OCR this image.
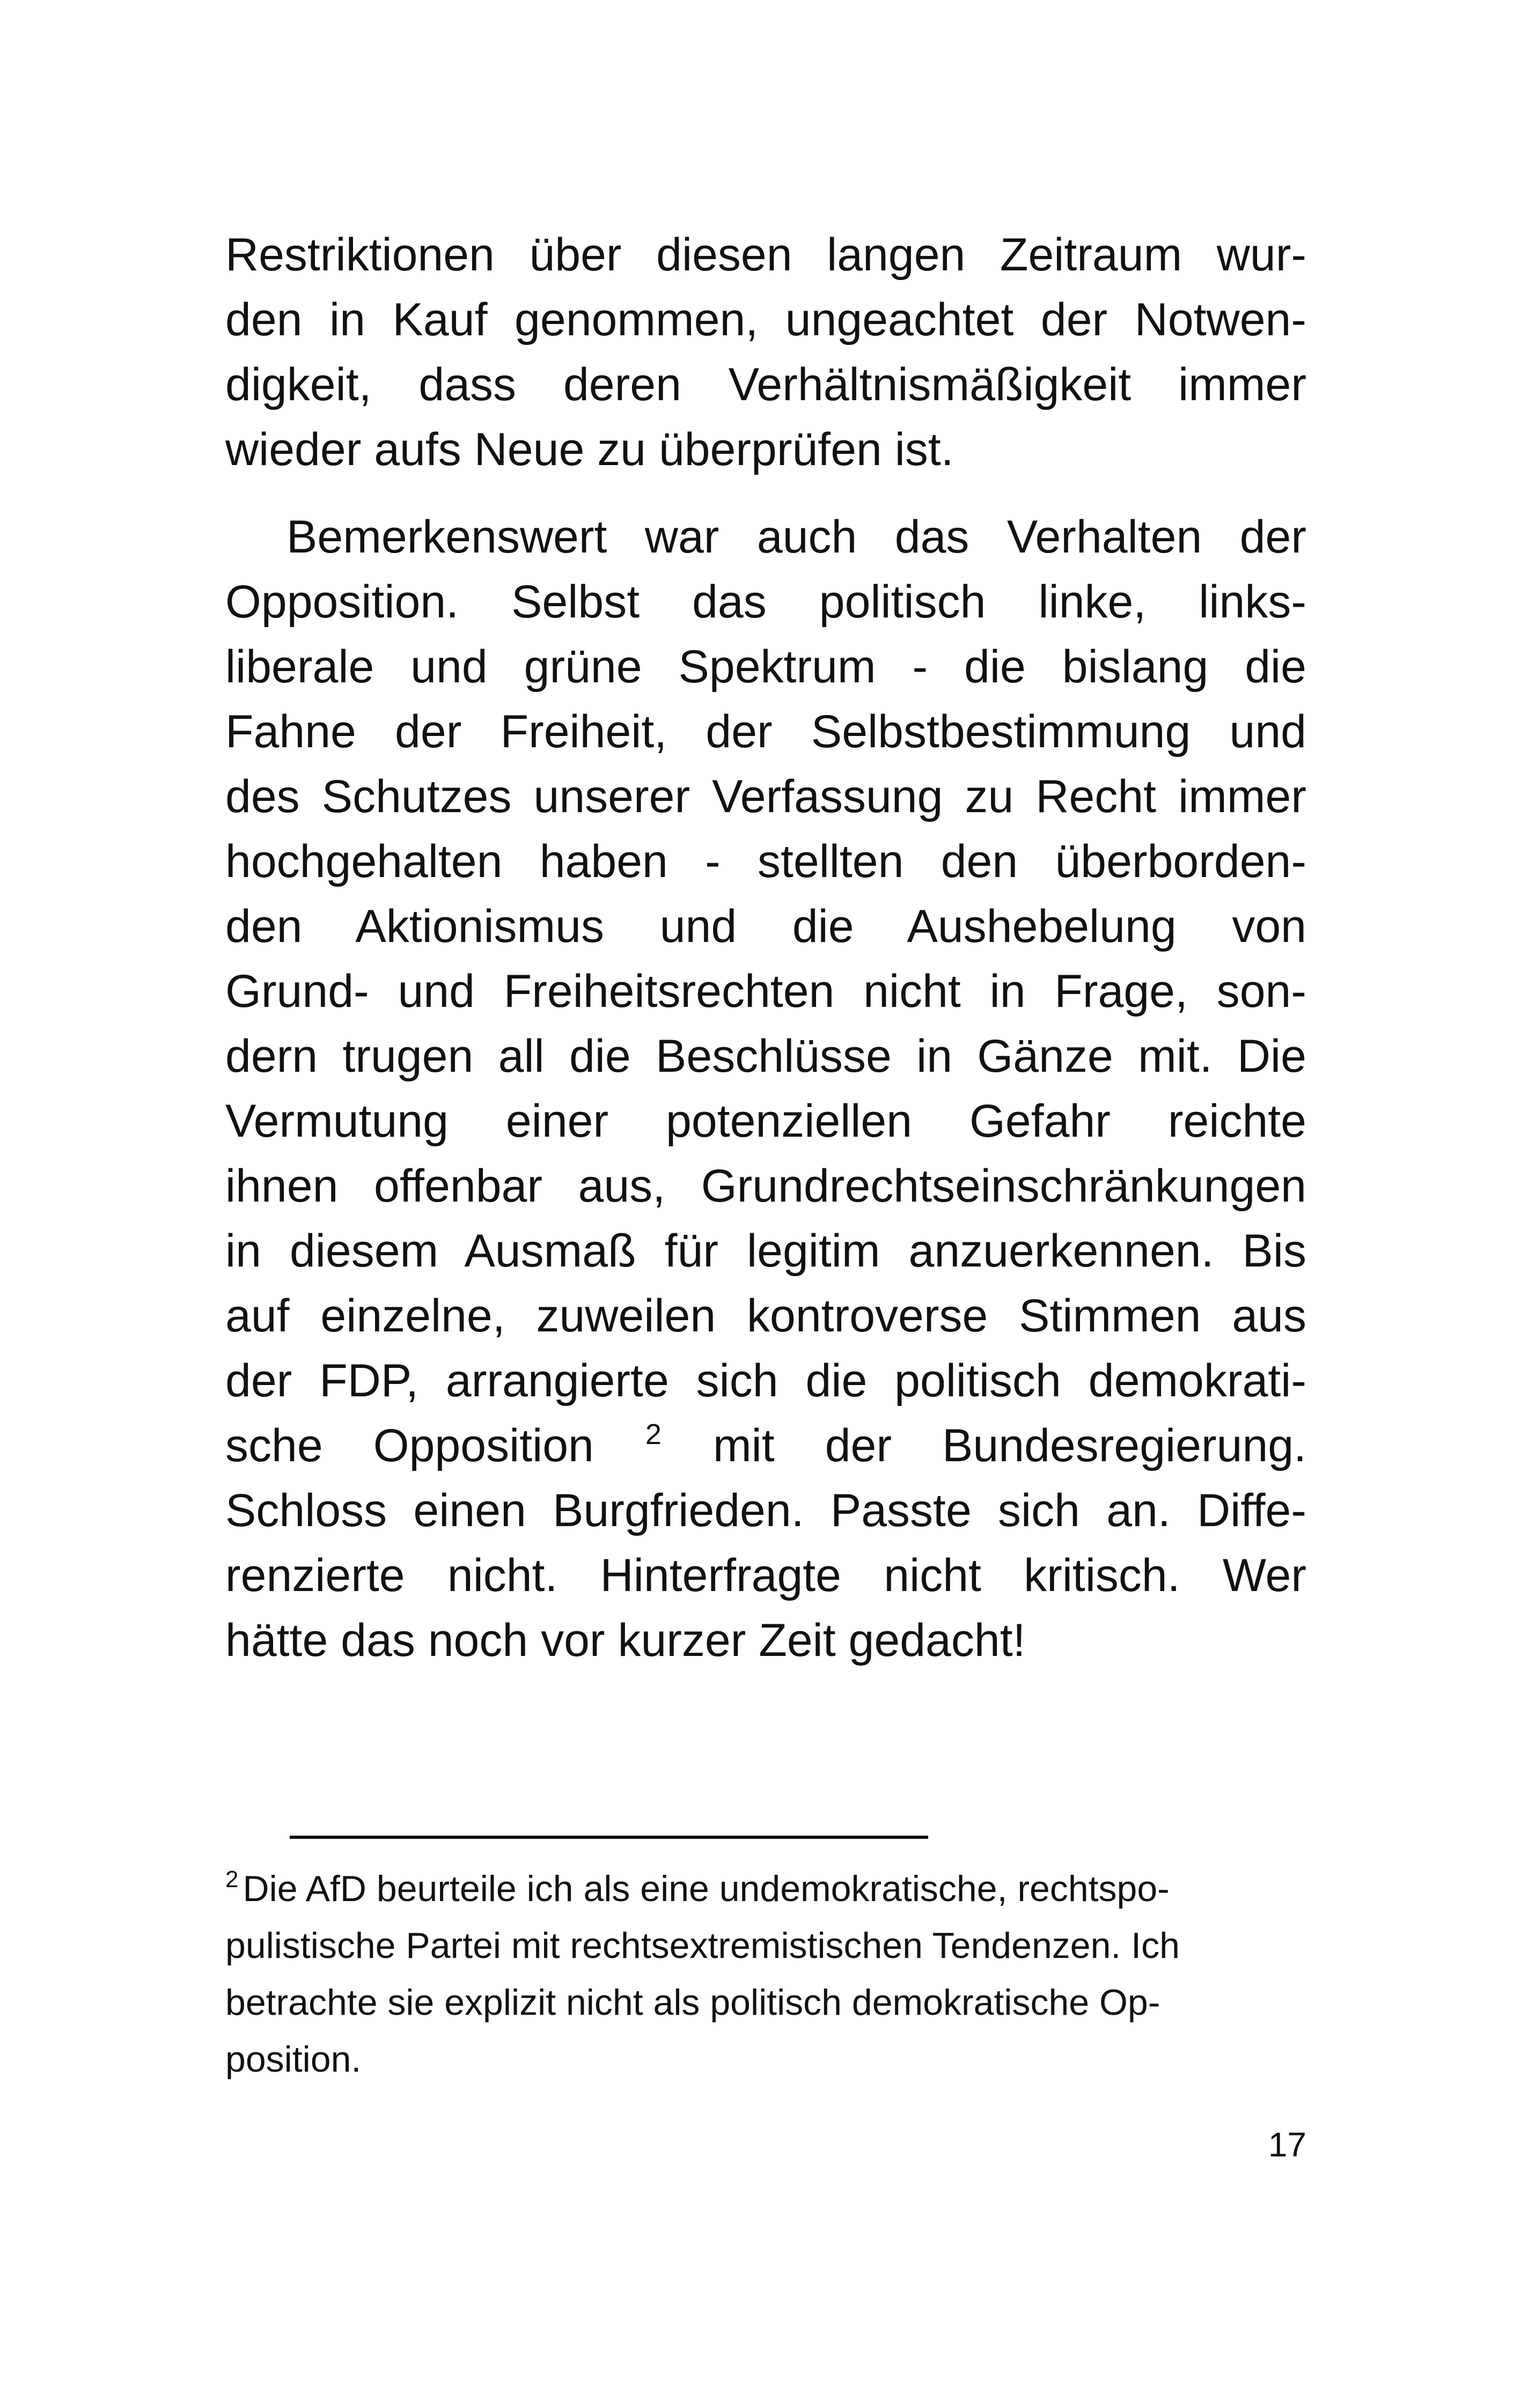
Restriktionen über diesen langen Zeitraum wur-
den in Kauf genommen, ungeachtet der Notwen-
digkeit, dass deren Verhältnismäßigkeit immer
wieder aufs Neue zu überprüfen ist.

Bemerkenswert war auch das Verhalten der
Opposition. Selbst das politisch linke, links-
liberale und grüne Spektrum - die bislang die
Fahne der Freiheit, der Selbstbestimmung und
des Schutzes unserer Verfassung zu Recht immer
hochgehalten haben - stellten den überborden-
den Aktionismus und die Aushebelung von
Grund- und Freiheitsrechten nicht in Frage, son-
dern trugen all die Beschlüsse in Gänze mit. Die
Vermutung einer potenziellen Gefahr reichte
ihnen offenbar aus, Grundrechtseinschränkungen
in diesem Ausmaß für legitim anzuerkennen. Bis
auf einzelne, zuweilen kontroverse Stimmen aus
der FDP, arrangierte sich die politisch demokrati-
sche Opposition $^2$ mit der Bundesregierung.
Schloss einen Burgfrieden. Passte sich an. Diffe-
renzierte nicht. Hinterfragte nicht kritisch. Wer
hätte das noch vor kurzer Zeit gedacht!

$^2$ Die AfD beurteile ich als eine undemokratische, rechtspo-
pulistische Partei mit rechtsextremistischen Tendenzen. Ich
betrachte sie explizit nicht als politisch demokratische Op-
position.
17
